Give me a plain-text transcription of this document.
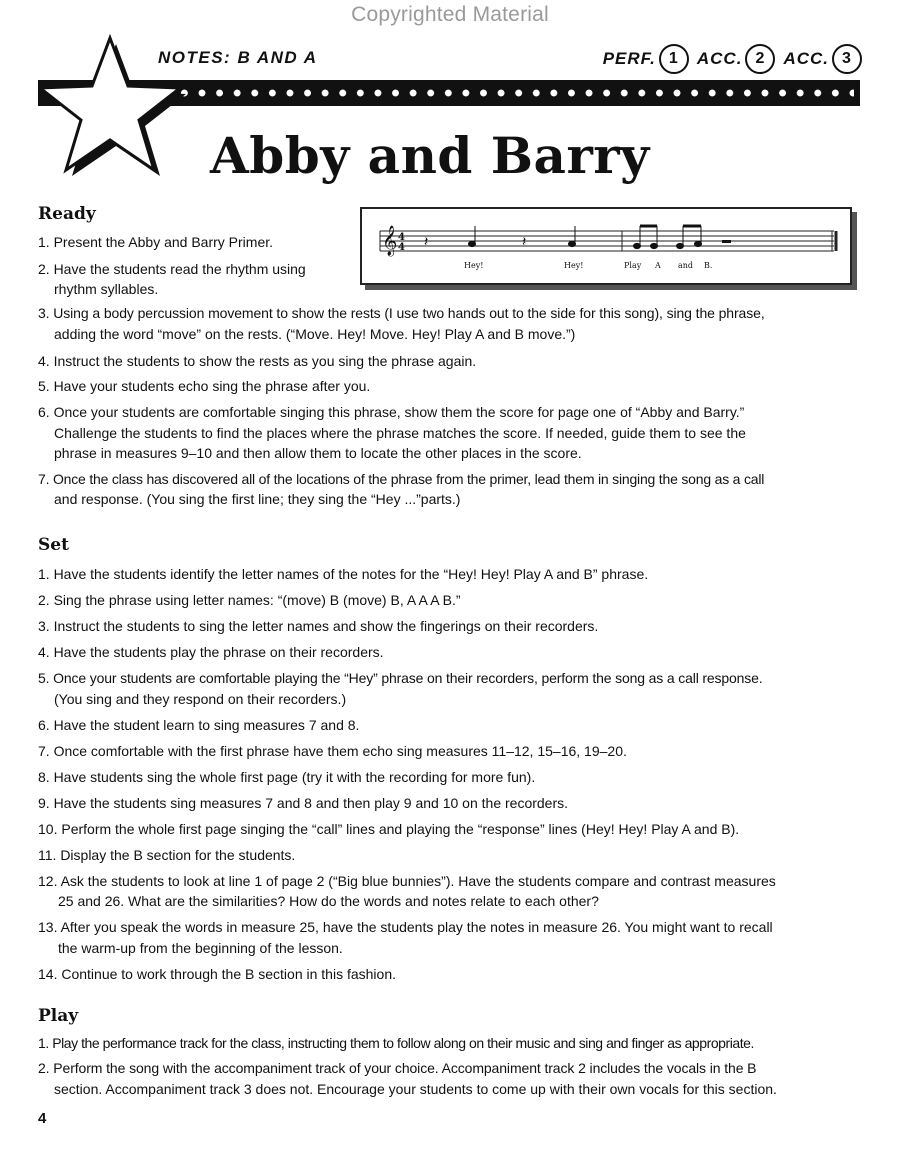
Copyrighted Material
NOTES: B AND A	PERF. 1	ACC. 2	ACC. 3
Abby and Barry
𝄞 4
4 𝄽	𝄽
Hey!	Hey!	Play A and B.
Ready
1. Present the Abby and Barry Primer.
2. Have the students read the rhythm using
rhythm syllables.
3. Using a body percussion movement to show the rests (I use two hands out to the side for this song), sing the phrase,
adding the word “move” on the rests. (“Move. Hey! Move. Hey! Play A and B move.”)
4. Instruct the students to show the rests as you sing the phrase again.
5. Have your students echo sing the phrase after you.
6. Once your students are comfortable singing this phrase, show them the score for page one of “Abby and Barry.”
Challenge the students to find the places where the phrase matches the score. If needed, guide them to see the
phrase in measures 9–10 and then allow them to locate the other places in the score.
7. Once the class has discovered all of the locations of the phrase from the primer, lead them in singing the song as a call
and response. (You sing the first line; they sing the “Hey ...”parts.)
Set
1. Have the students identify the letter names of the notes for the “Hey! Hey! Play A and B” phrase.
2. Sing the phrase using letter names: “(move) B (move) B, A A A B.”
3. Instruct the students to sing the letter names and show the fingerings on their recorders.
4. Have the students play the phrase on their recorders.
5. Once your students are comfortable playing the “Hey” phrase on their recorders, perform the song as a call response.
(You sing and they respond on their recorders.)
6. Have the student learn to sing measures 7 and 8.
7. Once comfortable with the first phrase have them echo sing measures 11–12, 15–16, 19–20.
8. Have students sing the whole first page (try it with the recording for more fun).
9. Have the students sing measures 7 and 8 and then play 9 and 10 on the recorders.
10. Perform the whole first page singing the “call” lines and playing the “response” lines (Hey! Hey! Play A and B).
11. Display the B section for the students.
12. Ask the students to look at line 1 of page 2 (“Big blue bunnies”). Have the students compare and contrast measures
25 and 26. What are the similarities? How do the words and notes relate to each other?
13. After you speak the words in measure 25, have the students play the notes in measure 26. You might want to recall
the warm-up from the beginning of the lesson.
14. Continue to work through the B section in this fashion.
Play
1. Play the performance track for the class, instructing them to follow along on their music and sing and finger as appropriate.
2. Perform the song with the accompaniment track of your choice. Accompaniment track 2 includes the vocals in the B
section. Accompaniment track 3 does not. Encourage your students to come up with their own vocals for this section.
4
